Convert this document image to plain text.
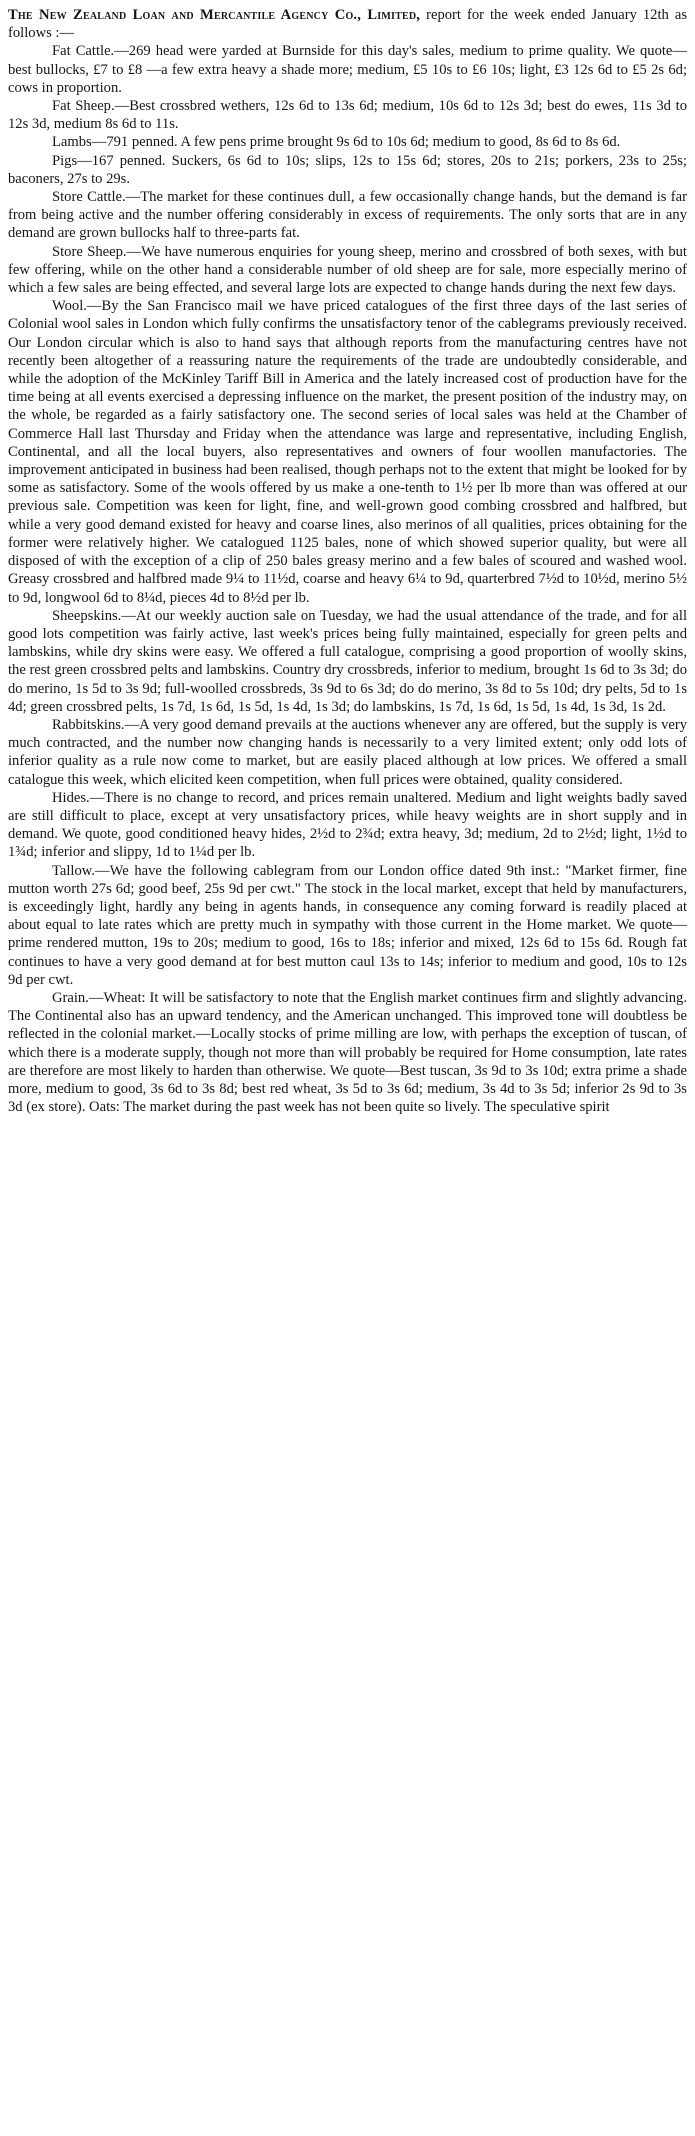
The New Zealand Loan and Mercantile Agency Co., Limited, report for the week ended January 12th as follows :—

Fat Cattle.—269 head were yarded at Burnside for this day's sales, medium to prime quality. We quote—best bullocks, £7 to £8 —a few extra heavy a shade more; medium, £5 10s to £6 10s; light, £3 12s 6d to £5 2s 6d; cows in proportion.

Fat Sheep.—Best crossbred wethers, 12s 6d to 13s 6d; medium, 10s 6d to 12s 3d; best do ewes, 11s 3d to 12s 3d, medium 8s 6d to 11s.

Lambs—791 penned. A few pens prime brought 9s 6d to 10s 6d; medium to good, 8s 6d to 8s 6d.

Pigs—167 penned. Suckers, 6s 6d to 10s; slips, 12s to 15s 6d; stores, 20s to 21s; porkers, 23s to 25s; baconers, 27s to 29s.

Store Cattle.—The market for these continues dull, a few occasionally change hands, but the demand is far from being active and the number offering considerably in excess of requirements. The only sorts that are in any demand are grown bullocks half to three-parts fat.

Store Sheep.—We have numerous enquiries for young sheep, merino and crossbred of both sexes, with but few offering, while on the other hand a considerable number of old sheep are for sale, more especially merino of which a few sales are being effected, and several large lots are expected to change hands during the next few days.

Wool.—By the San Francisco mail we have priced catalogues of the first three days of the last series of Colonial wool sales in London which fully confirms the unsatisfactory tenor of the cablegrams previously received. Our London circular which is also to hand says that although reports from the manufacturing centres have not recently been altogether of a reassuring nature the requirements of the trade are undoubtedly considerable, and while the adoption of the McKinley Tariff Bill in America and the lately increased cost of production have for the time being at all events exercised a depressing influence on the market, the present position of the industry may, on the whole, be regarded as a fairly satisfactory one. The second series of local sales was held at the Chamber of Commerce Hall last Thursday and Friday when the attendance was large and representative, including English, Continental, and all the local buyers, also representatives and owners of four woollen manufactories. The improvement anticipated in business had been realised, though perhaps not to the extent that might be looked for by some as satisfactory. Some of the wools offered by us make a one-tenth to 1½ per lb more than was offered at our previous sale. Competition was keen for light, fine, and well-grown good combing crossbred and halfbred, but while a very good demand existed for heavy and coarse lines, also merinos of all qualities, prices obtaining for the former were relatively higher. We catalogued 1125 bales, none of which showed superior quality, but were all disposed of with the exception of a clip of 250 bales greasy merino and a few bales of scoured and washed wool. Greasy crossbred and halfbred made 9¼ to 11½d, coarse and heavy 6¼ to 9d, quarterbred 7½d to 10½d, merino 5½ to 9d, longwool 6d to 8¼d, pieces 4d to 8½d per lb.

Sheepskins.—At our weekly auction sale on Tuesday, we had the usual attendance of the trade, and for all good lots competition was fairly active, last week's prices being fully maintained, especially for green pelts and lambskins, while dry skins were easy. We offered a full catalogue, comprising a good proportion of woolly skins, the rest green crossbred pelts and lambskins. Country dry crossbreds, inferior to medium, brought 1s 6d to 3s 3d; do do merino, 1s 5d to 3s 9d; full-woolled crossbreds, 3s 9d to 6s 3d; do do merino, 3s 8d to 5s 10d; dry pelts, 5d to 1s 4d; green crossbred pelts, 1s 7d, 1s 6d, 1s 5d, 1s 4d, 1s 3d; do lambskins, 1s 7d, 1s 6d, 1s 5d, 1s 4d, 1s 3d, 1s 2d.

Rabbitskins.—A very good demand prevails at the auctions whenever any are offered, but the supply is very much contracted, and the number now changing hands is necessarily to a very limited extent; only odd lots of inferior quality as a rule now come to market, but are easily placed although at low prices. We offered a small catalogue this week, which elicited keen competition, when full prices were obtained, quality considered.

Hides.—There is no change to record, and prices remain unaltered. Medium and light weights badly saved are still difficult to place, except at very unsatisfactory prices, while heavy weights are in short supply and in demand. We quote, good conditioned heavy hides, 2½d to 2¾d; extra heavy, 3d; medium, 2d to 2½d; light, 1½d to 1¾d; inferior and slippy, 1d to 1¼d per lb.

Tallow.—We have the following cablegram from our London office dated 9th inst.: "Market firmer, fine mutton worth 27s 6d; good beef, 25s 9d per cwt." The stock in the local market, except that held by manufacturers, is exceedingly light, hardly any being in agents hands, in consequence any coming forward is readily placed at about equal to late rates which are pretty much in sympathy with those current in the Home market. We quote—prime rendered mutton, 19s to 20s; medium to good, 16s to 18s; inferior and mixed, 12s 6d to 15s 6d. Rough fat continues to have a very good demand at for best mutton caul 13s to 14s; inferior to medium and good, 10s to 12s 9d per cwt.

Grain.—Wheat: It will be satisfactory to note that the English market continues firm and slightly advancing. The Continental also has an upward tendency, and the American unchanged. This improved tone will doubtless be reflected in the colonial market.—Locally stocks of prime milling are low, with perhaps the exception of tuscan, of which there is a moderate supply, though not more than will probably be required for Home consumption, late rates are therefore are most likely to harden than otherwise. We quote—Best tuscan, 3s 9d to 3s 10d; extra prime a shade more, medium to good, 3s 6d to 3s 8d; best red wheat, 3s 5d to 3s 6d; medium, 3s 4d to 3s 5d; inferior 2s 9d to 3s 3d (ex store). Oats: The market during the past week has not been quite so lively. The speculative spirit
